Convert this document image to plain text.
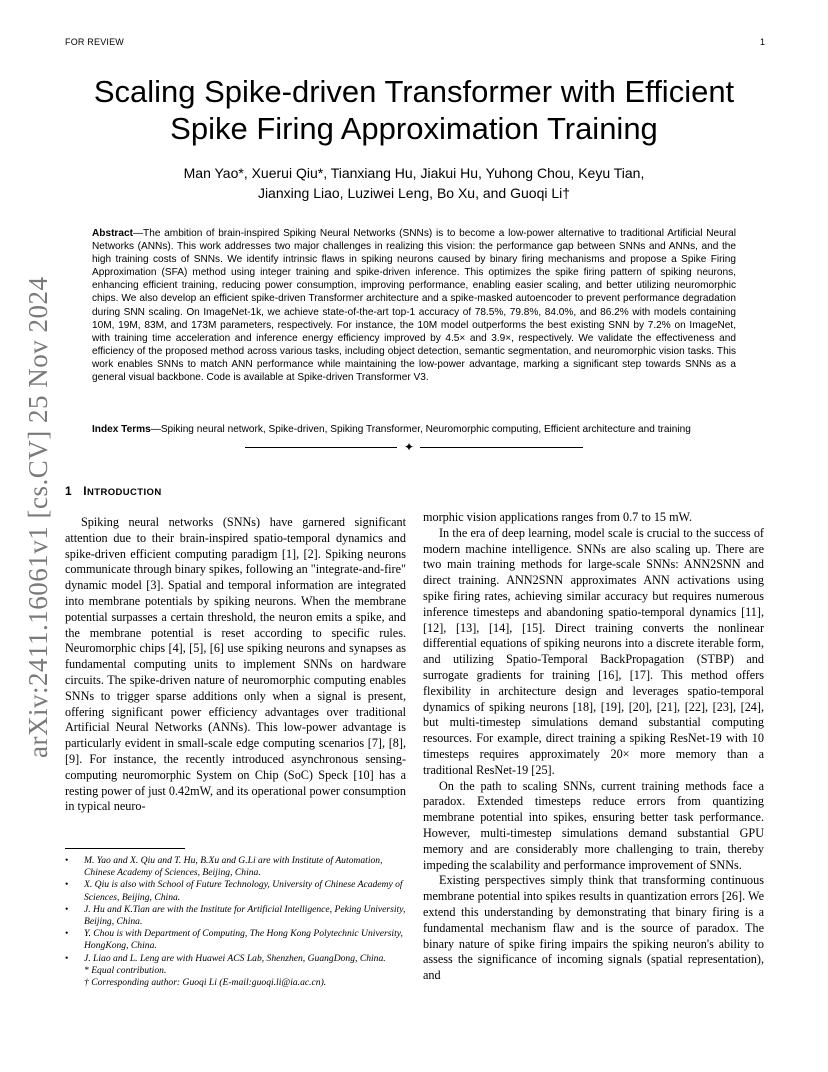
FOR REVIEW	1
arXiv:2411.16061v1 [cs.CV] 25 Nov 2024
Scaling Spike-driven Transformer with Efficient
Spike Firing Approximation Training
Man Yao*, Xuerui Qiu*, Tianxiang Hu, Jiakui Hu, Yuhong Chou, Keyu Tian,
Jianxing Liao, Luziwei Leng, Bo Xu, and Guoqi Li†
Abstract—The ambition of brain-inspired Spiking Neural Networks (SNNs) is to become a low-power alternative to traditional Artificial Neural Networks (ANNs). This work addresses two major challenges in realizing this vision: the performance gap between SNNs and ANNs, and the high training costs of SNNs. We identify intrinsic flaws in spiking neurons caused by binary firing mechanisms and propose a Spike Firing Approximation (SFA) method using integer training and spike-driven inference. This optimizes the spike firing pattern of spiking neurons, enhancing efficient training, reducing power consumption, improving performance, enabling easier scaling, and better utilizing neuromorphic chips. We also develop an efficient spike-driven Transformer architecture and a spike-masked autoencoder to prevent performance degradation during SNN scaling. On ImageNet-1k, we achieve state-of-the-art top-1 accuracy of 78.5%, 79.8%, 84.0%, and 86.2% with models containing 10M, 19M, 83M, and 173M parameters, respectively. For instance, the 10M model outperforms the best existing SNN by 7.2% on ImageNet, with training time acceleration and inference energy efficiency improved by 4.5× and 3.9×, respectively. We validate the effectiveness and efficiency of the proposed method across various tasks, including object detection, semantic segmentation, and neuromorphic vision tasks. This work enables SNNs to match ANN performance while maintaining the low-power advantage, marking a significant step towards SNNs as a general visual backbone. Code is available at Spike-driven Transformer V3.
Index Terms—Spiking neural network, Spike-driven, Spiking Transformer, Neuromorphic computing, Efficient architecture and training
✦
1 INTRODUCTION

Spiking neural networks (SNNs) have garnered significant attention due to their brain-inspired spatio-temporal dynamics and spike-driven efficient computing paradigm [1], [2]. Spiking neurons communicate through binary spikes, following an "integrate-and-fire" dynamic model [3]. Spatial and temporal information are integrated into membrane potentials by spiking neurons. When the membrane potential surpasses a certain threshold, the neuron emits a spike, and the membrane potential is reset according to specific rules. Neuromorphic chips [4], [5], [6] use spiking neurons and synapses as fundamental computing units to implement SNNs on hardware circuits. The spike-driven nature of neuromorphic computing enables SNNs to trigger sparse additions only when a signal is present, offering significant power efficiency advantages over traditional Artificial Neural Networks (ANNs). This low-power advantage is particularly evident in small-scale edge computing scenarios [7], [8], [9]. For instance, the recently introduced asynchronous sensing-computing neuromorphic System on Chip (SoC) Speck [10] has a resting power of just 0.42mW, and its operational power consumption in typical neuro-

• M. Yao and X. Qiu and T. Hu, B.Xu and G.Li are with Institute of Automation, Chinese Academy of Sciences, Beijing, China.

• X. Qiu is also with School of Future Technology, University of Chinese Academy of Sciences, Beijing, China.

• J. Hu and K.Tian are with the Institute for Artificial Intelligence, Peking University, Beijing, China.

• Y. Chou is with Department of Computing, The Hong Kong Polytechnic University, HongKong, China.

• J. Liao and L. Leng are with Huawei ACS Lab, Shenzhen, GuangDong, China.

* Equal contribution.

† Corresponding author: Guoqi Li (E-mail:guoqi.li@ia.ac.cn).

morphic vision applications ranges from 0.7 to 15 mW.

In the era of deep learning, model scale is crucial to the success of modern machine intelligence. SNNs are also scaling up. There are two main training methods for large-scale SNNs: ANN2SNN and direct training. ANN2SNN approximates ANN activations using spike firing rates, achieving similar accuracy but requires numerous inference timesteps and abandoning spatio-temporal dynamics [11], [12], [13], [14], [15]. Direct training converts the nonlinear differential equations of spiking neurons into a discrete iterable form, and utilizing Spatio-Temporal BackPropagation (STBP) and surrogate gradients for training [16], [17]. This method offers flexibility in architecture design and leverages spatio-temporal dynamics of spiking neurons [18], [19], [20], [21], [22], [23], [24], but multi-timestep simulations demand substantial computing resources. For example, direct training a spiking ResNet-19 with 10 timesteps requires approximately 20× more memory than a traditional ResNet-19 [25].

On the path to scaling SNNs, current training methods face a paradox. Extended timesteps reduce errors from quantizing membrane potential into spikes, ensuring better task performance. However, multi-timestep simulations demand substantial GPU memory and are considerably more challenging to train, thereby impeding the scalability and performance improvement of SNNs.

Existing perspectives simply think that transforming continuous membrane potential into spikes results in quantization errors [26]. We extend this understanding by demonstrating that binary firing is a fundamental mechanism flaw and is the source of paradox. The binary nature of spike firing impairs the spiking neuron's ability to assess the significance of incoming signals (spatial representation), and
